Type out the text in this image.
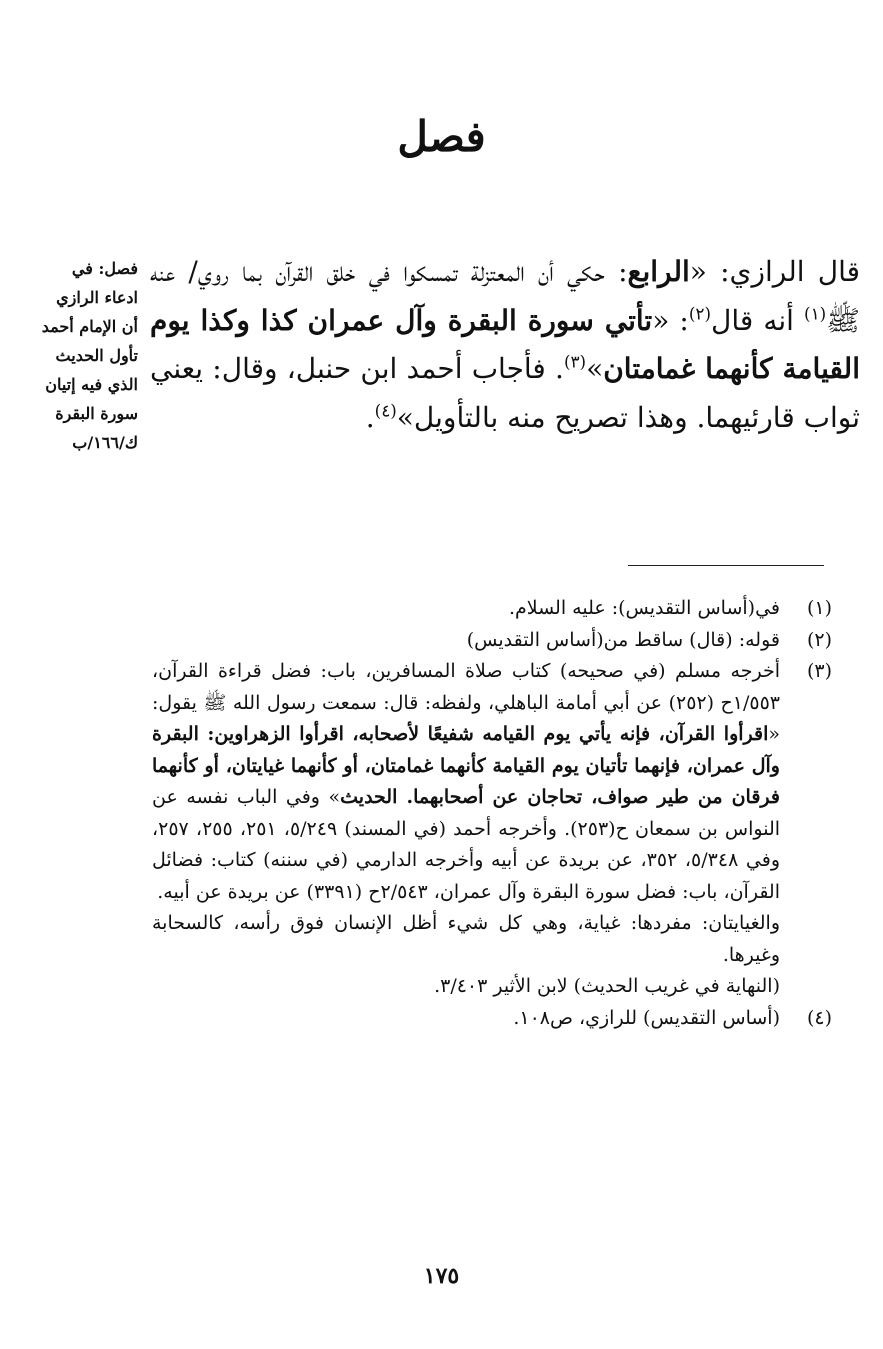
فصل
قال الرازي: «الرابع: حكي أن المعتزلة تمسكوا في خلق القرآن بما روي/ عنه ﷺ$^{(١)}$ أنه قال$^{(٢)}$: «تأتي سورة البقرة وآل عمران كذا وكذا يوم القيامة كأنهما غمامتان»$^{(٣)}$. فأجاب أحمد ابن حنبل، وقال: يعني ثواب قارئيهما. وهذا تصريح منه بالتأويل»$^{(٤)}$.
فصل: في ادعاء الرازي أن الإمام أحمد تأول الحديث الذي فيه إتيان سورة البقرة ك/١٦٦/ب
(١)
في(أساس التقديس): عليه السلام.
(٢)
قوله: (قال) ساقط من(أساس التقديس)
(٣)
أخرجه مسلم (في صحيحه) كتاب صلاة المسافرين، باب: فضل قراءة القرآن، ١/٥٥٣ح (٢٥٢) عن أبي أمامة الباهلي، ولفظه: قال: سمعت رسول الله ﷺ يقول: «اقرأوا القرآن، فإنه يأتي يوم القيامه شفيعًا لأصحابه، اقرأوا الزهراوين: البقرة وآل عمران، فإنهما تأتيان يوم القيامة كأنهما غمامتان، أو كأنهما غيايتان، أو كأنهما فرقان من طير صواف، تحاجان عن أصحابهما. الحديث» وفي الباب نفسه عن النواس بن سمعان ح(٢٥٣). وأخرجه أحمد (في المسند) ٥/٢٤٩، ٢٥١، ٢٥٥، ٢٥٧، وفي ٥/٣٤٨، ٣٥٢، عن بريدة عن أبيه وأخرجه الدارمي (في سننه) كتاب: فضائل القرآن، باب: فضل سورة البقرة وآل عمران، ٢/٥٤٣ح (٣٣٩١) عن بريدة عن أبيه.
والغيايتان: مفردها: غياية، وهي كل شيء أظل الإنسان فوق رأسه، كالسحابة وغيرها.
(النهاية في غريب الحديث) لابن الأثير ٣/٤٠٣.
(٤)
(أساس التقديس) للرازي، ص١٠٨.
١٧٥
